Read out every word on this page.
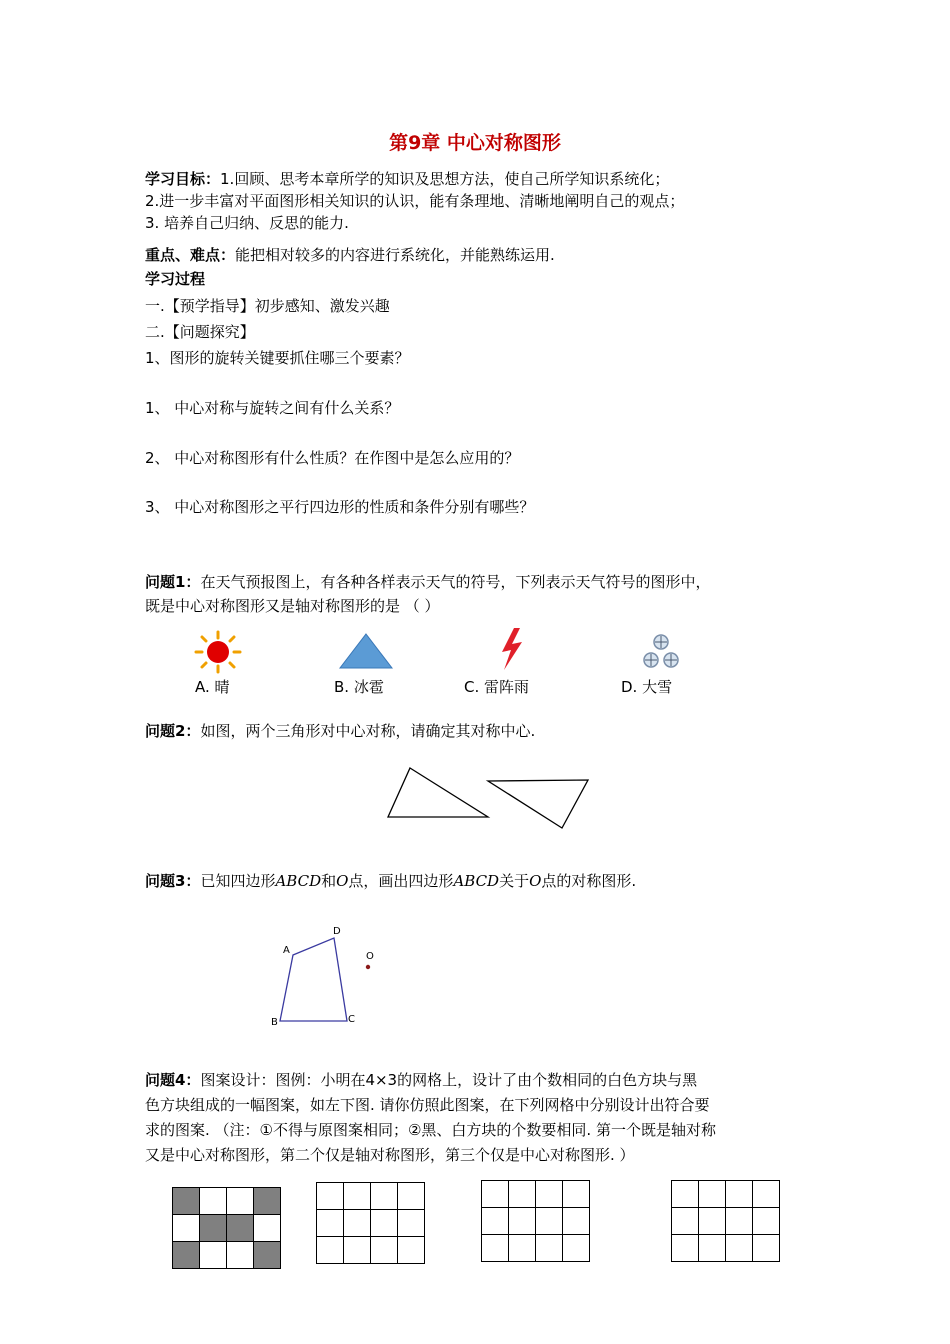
第9章 中心对称图形
学习目标：1.回顾、思考本章所学的知识及思想方法，使自己所学知识系统化；
2.进一步丰富对平面图形相关知识的认识，能有条理地、清晰地阐明自己的观点；
3. 培养自己归纳、反思的能力.
重点、难点：能把相对较多的内容进行系统化，并能熟练运用.
学习过程
一.【预学指导】初步感知、激发兴趣
二.【问题探究】
1、图形的旋转关键要抓住哪三个要素？
1、 中心对称与旋转之间有什么关系？
2、 中心对称图形有什么性质？在作图中是怎么应用的？
3、 中心对称图形之平行四边形的性质和条件分别有哪些？
问题1：在天气预报图上，有各种各样表示天气的符号，下列表示天气符号的图形中，
既是中心对称图形又是轴对称图形的是 （ ）
A. 晴	B. 冰雹	C. 雷阵雨	D. 大雪
问题2：如图，两个三角形对中心对称，请确定其对称中心.
问题3：已知四边形ABCD和O点，画出四边形ABCD关于O点的对称图形.
A
D
O
B	C
问题4：图案设计：图例：小明在4×3的网格上，设计了由个数相同的白色方块与黑
色方块组成的一幅图案，如左下图. 请你仿照此图案，在下列网格中分别设计出符合要
求的图案. （注：①不得与原图案相同；②黑、白方块的个数要相同. 第一个既是轴对称
又是中心对称图形，第二个仅是轴对称图形，第三个仅是中心对称图形. ）
